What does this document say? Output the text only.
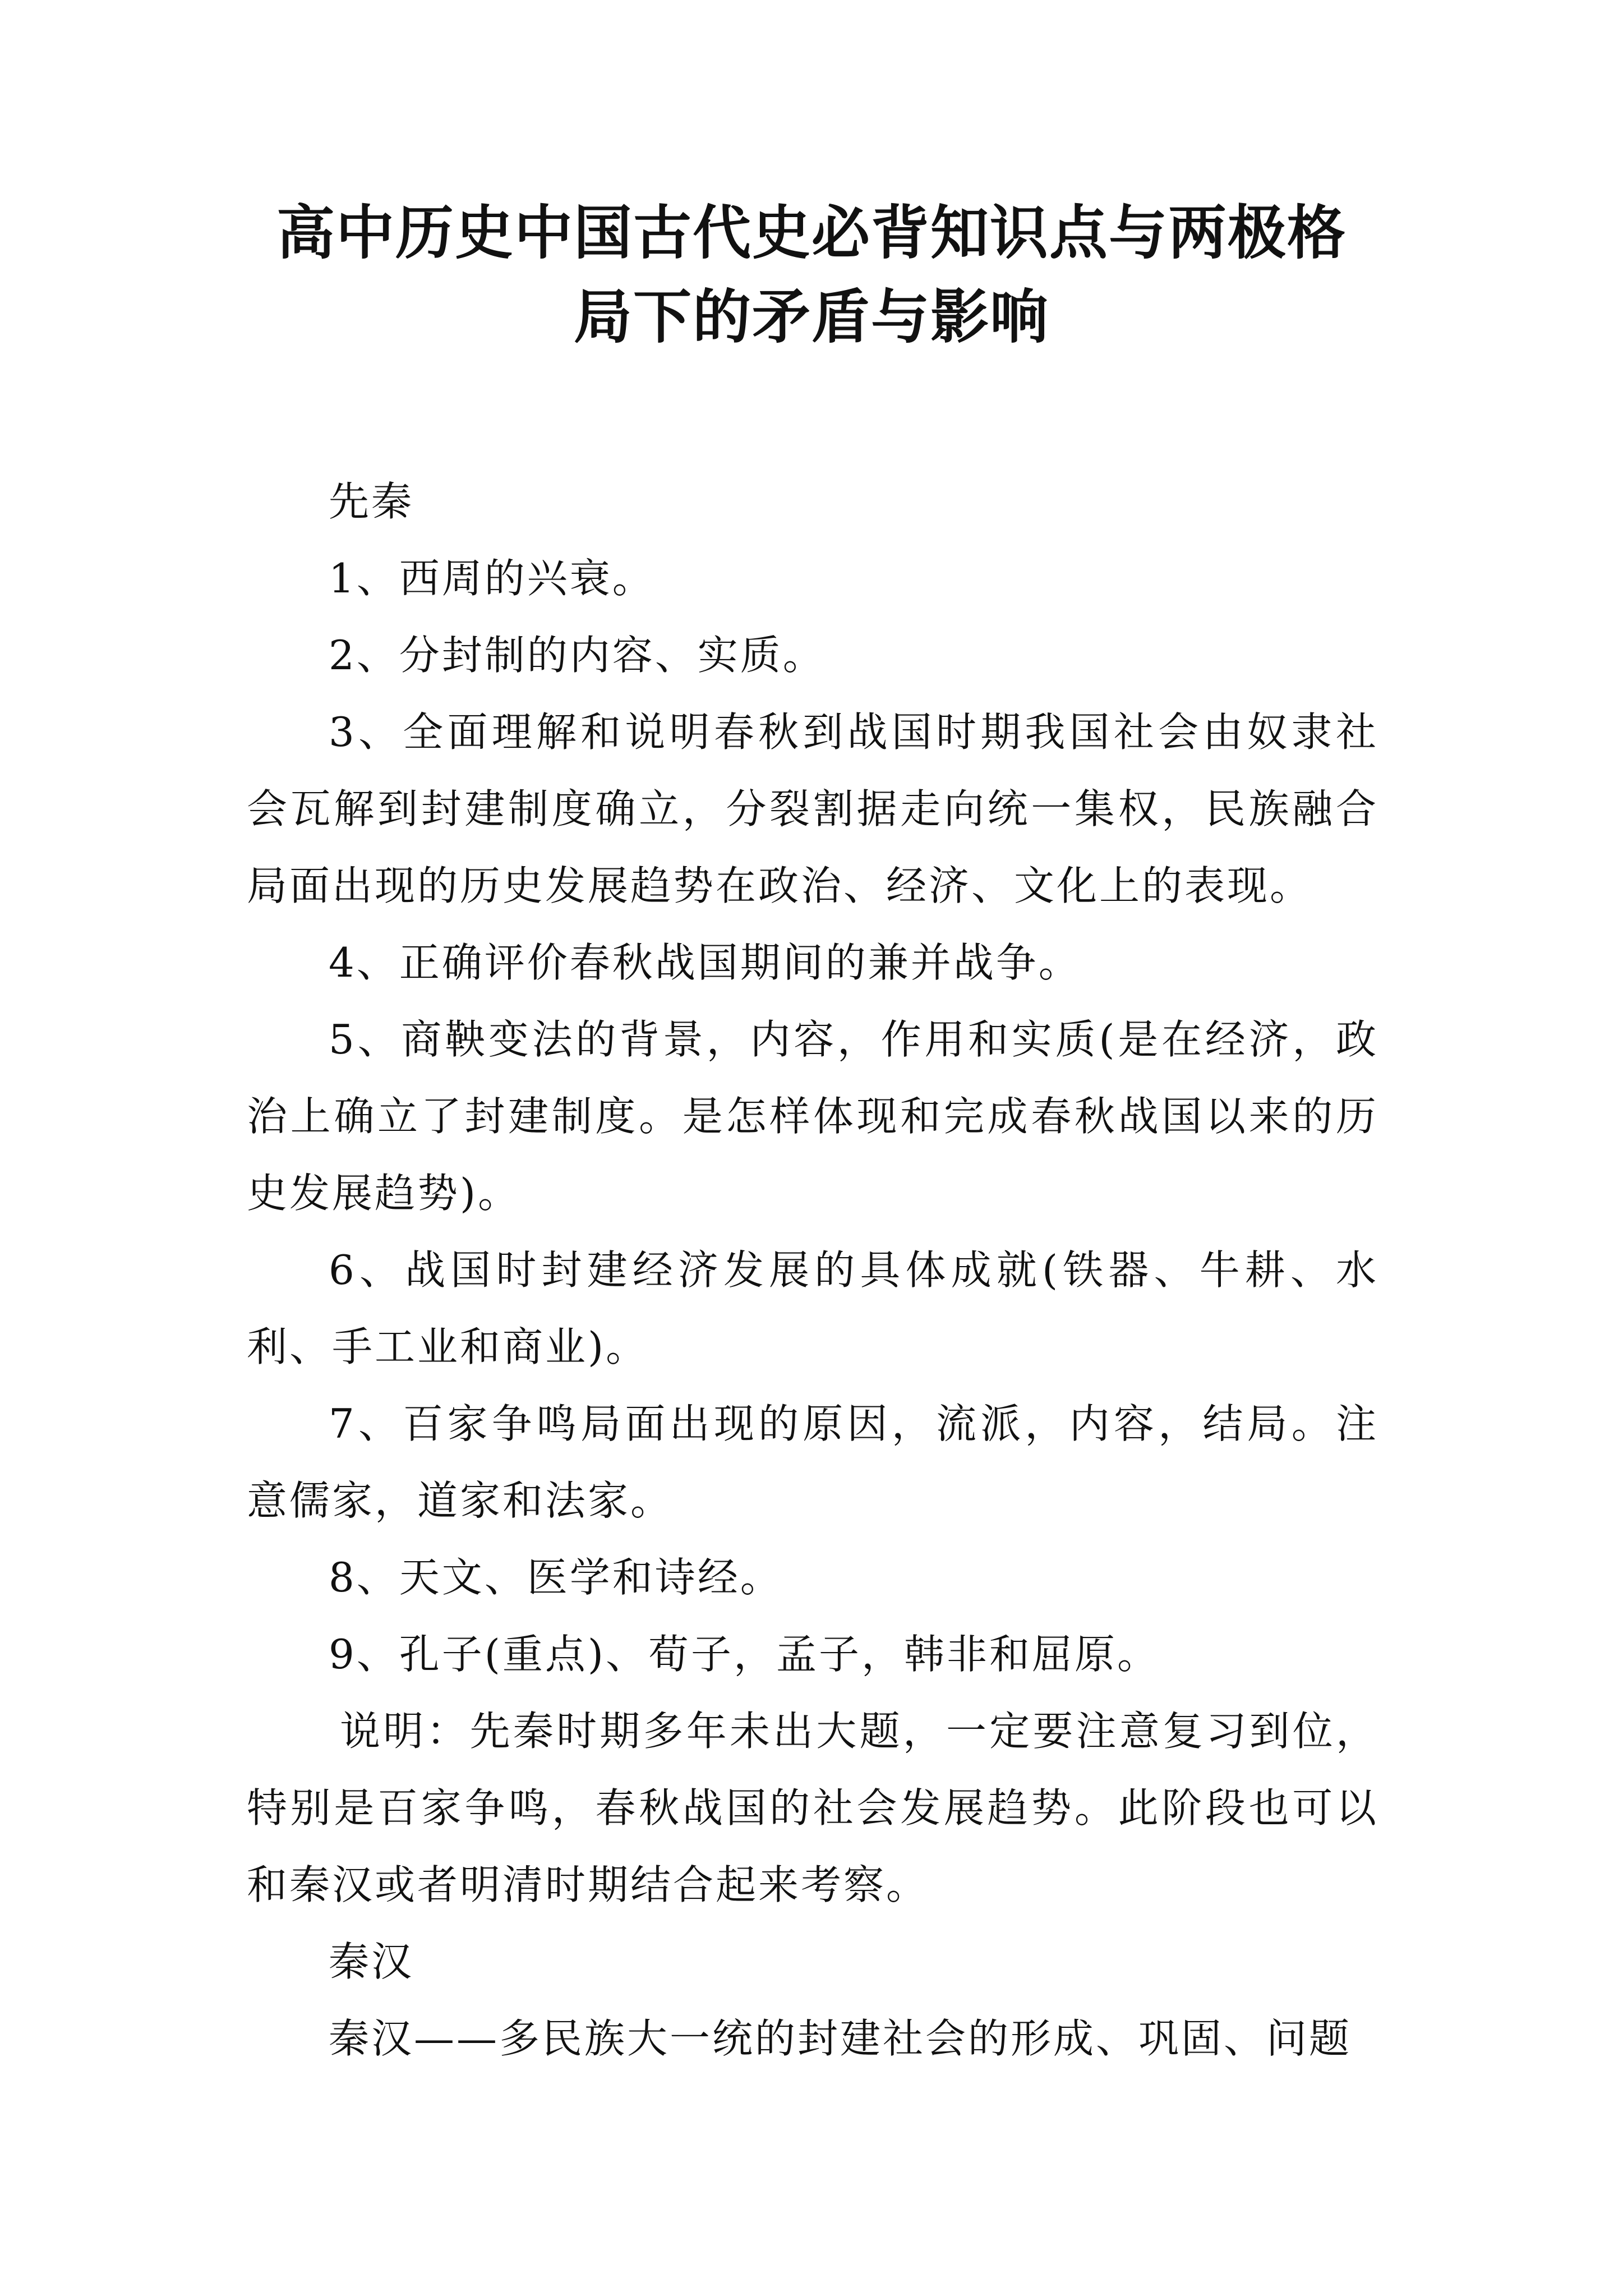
高中历史中国古代史必背知识点与两极格
局下的矛盾与影响

先秦

1、西周的兴衰。

2、分封制的内容、实质。

3、全面理解和说明春秋到战国时期我国社会由奴隶社会瓦解到封建制度确立，分裂割据走向统一集权，民族融合局面出现的历史发展趋势在政治、经济、文化上的表现。

4、正确评价春秋战国期间的兼并战争。

5、商鞅变法的背景，内容，作用和实质(是在经济，政治上确立了封建制度。是怎样体现和完成春秋战国以来的历史发展趋势)。

6、战国时封建经济发展的具体成就(铁器、牛耕、水利、手工业和商业)。

7、百家争鸣局面出现的原因，流派，内容，结局。注意儒家，道家和法家。

8、天文、医学和诗经。

9、孔子(重点)、荀子，孟子，韩非和屈原。

说明：先秦时期多年未出大题，一定要注意复习到位，特别是百家争鸣，春秋战国的社会发展趋势。此阶段也可以和秦汉或者明清时期结合起来考察。

秦汉

秦汉——多民族大一统的封建社会的形成、巩固、问题
